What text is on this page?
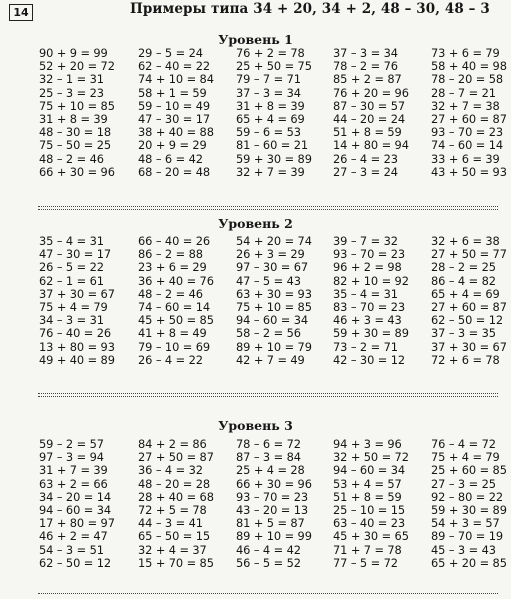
14	Примеры типа 34 + 20, 34 + 2, 48 – 30, 48 – 3
Уровень 1
Уровень 2
Уровень 3
90 + 9 = 99
52 + 20 = 72
32 – 1 = 31
25 – 3 = 23
75 + 10 = 85
31 + 8 = 39
48 – 30 = 18
75 – 50 = 25
48 – 2 = 46
66 + 30 = 96
29 – 5 = 24
62 – 40 = 22
74 + 10 = 84
58 + 1 = 59
59 – 10 = 49
47 – 30 = 17
38 + 40 = 88
20 + 9 = 29
48 – 6 = 42
68 – 20 = 48
76 + 2 = 78
25 + 50 = 75
79 – 7 = 71
37 – 3 = 34
31 + 8 = 39
65 + 4 = 69
59 – 6 = 53
81 – 60 = 21
59 + 30 = 89
32 + 7 = 39
37 – 3 = 34
78 – 2 = 76
85 + 2 = 87
76 + 20 = 96
87 – 30 = 57
44 – 20 = 24
51 + 8 = 59
14 + 80 = 94
26 – 4 = 23
27 – 3 = 24
73 + 6 = 79
58 + 40 = 98
78 – 20 = 58
28 – 7 = 21
32 + 7 = 38
27 + 60 = 87
93 – 70 = 23
74 – 60 = 14
33 + 6 = 39
43 + 50 = 93
35 – 4 = 31
47 – 30 = 17
26 – 5 = 22
62 – 1 = 61
37 + 30 = 67
75 + 4 = 79
34 – 3 = 31
76 – 40 = 26
13 + 80 = 93
49 + 40 = 89
66 – 40 = 26
86 – 2 = 88
23 + 6 = 29
36 + 40 = 76
48 – 2 = 46
74 – 60 = 14
45 + 50 = 85
41 + 8 = 49
79 – 10 = 69
26 – 4 = 22
54 + 20 = 74
26 + 3 = 29
97 – 30 = 67
47 – 5 = 43
63 + 30 = 93
75 + 10 = 85
94 – 60 = 34
58 – 2 = 56
89 + 10 = 79
42 + 7 = 49
39 – 7 = 32
93 – 70 = 23
96 + 2 = 98
82 + 10 = 92
35 – 4 = 31
83 – 70 = 23
46 + 3 = 43
59 + 30 = 89
73 – 2 = 71
42 – 30 = 12
32 + 6 = 38
27 + 50 = 77
28 – 2 = 25
86 – 4 = 82
65 + 4 = 69
27 + 60 = 87
62 – 50 = 12
37 – 3 = 35
37 + 30 = 67
72 + 6 = 78
59 – 2 = 57
97 – 3 = 94
31 + 7 = 39
63 + 2 = 66
34 – 20 = 14
94 – 60 = 34
17 + 80 = 97
46 + 2 = 47
54 – 3 = 51
62 – 50 = 12
84 + 2 = 86
27 + 50 = 87
36 – 4 = 32
48 – 20 = 28
28 + 40 = 68
72 + 5 = 78
44 – 3 = 41
65 – 50 = 15
32 + 4 = 37
15 + 70 = 85
78 – 6 = 72
87 – 3 = 84
25 + 4 = 28
66 + 30 = 96
93 – 70 = 23
43 – 20 = 13
81 + 5 = 87
89 + 10 = 99
46 – 4 = 42
56 – 5 = 52
94 + 3 = 96
32 + 50 = 72
94 – 60 = 34
53 + 4 = 57
51 + 8 = 59
25 – 10 = 15
63 – 40 = 23
45 + 30 = 65
71 + 7 = 78
77 – 5 = 72
76 – 4 = 72
75 + 4 = 79
25 + 60 = 85
27 – 3 = 25
92 – 80 = 22
59 + 30 = 89
54 + 3 = 57
89 – 70 = 19
45 – 3 = 43
65 + 20 = 85
